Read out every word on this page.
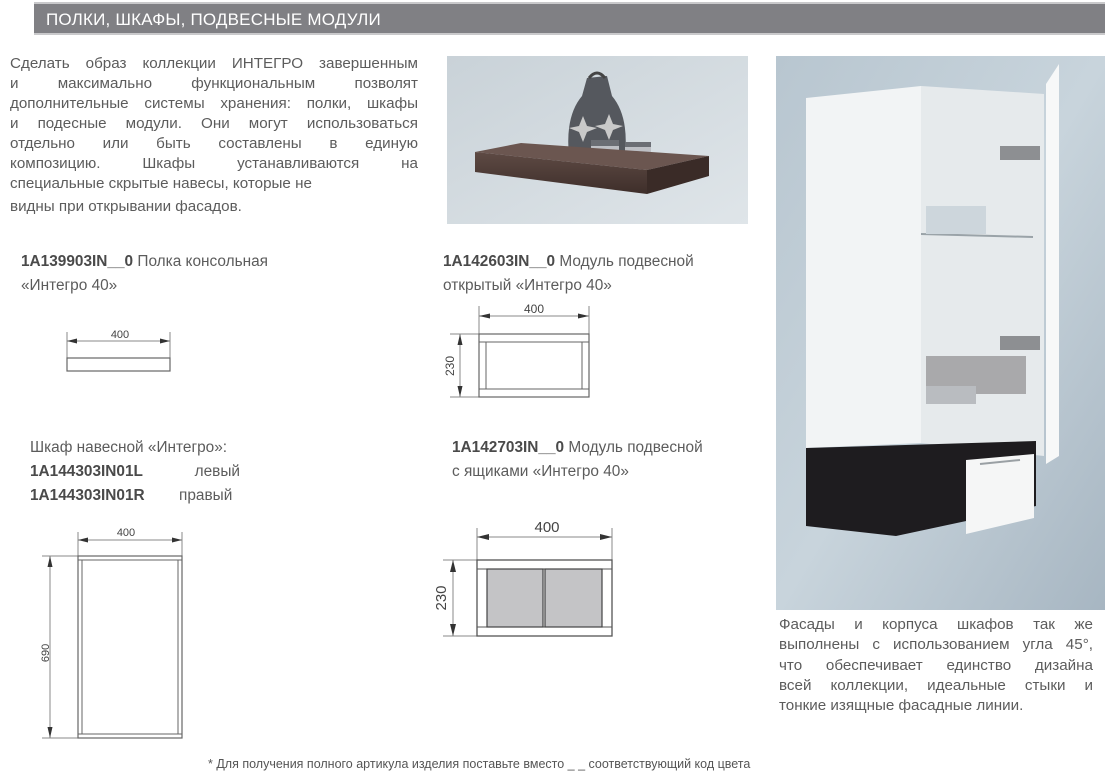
ПОЛКИ, ШКАФЫ, ПОДВЕСНЫЕ МОДУЛИ
Сделать образ коллекции ИНТЕГРО завершенным
и максимально функциональным позволят
дополнительные системы хранения: полки, шкафы
и подесные модули. Они могут использоваться
отдельно или быть составлены в единую
композицию. Шкафы устанавливаются на
специальные скрытые навесы, которые не
видны при открывании фасадов.
1A139903IN__0 Полка консольная
«Интегро 40»
400
1A142603IN__0 Модуль подвесной
открытый «Интегро 40»
400
230
Шкаф навесной «Интегро»:
1A144303IN01L	левый
1A144303IN01R	правый
400
690
1A142703IN__0 Модуль подвесной
с ящиками «Интегро 40»
400
230
Фасады и корпуса шкафов так же
выполнены с использованием угла 45°,
что обеспечивает единство дизайна
всей коллекции, идеальные стыки и
тонкие изящные фасадные линии.
* Для получения полного артикула изделия поставьте вместо _ _ соответствующий код цвета
